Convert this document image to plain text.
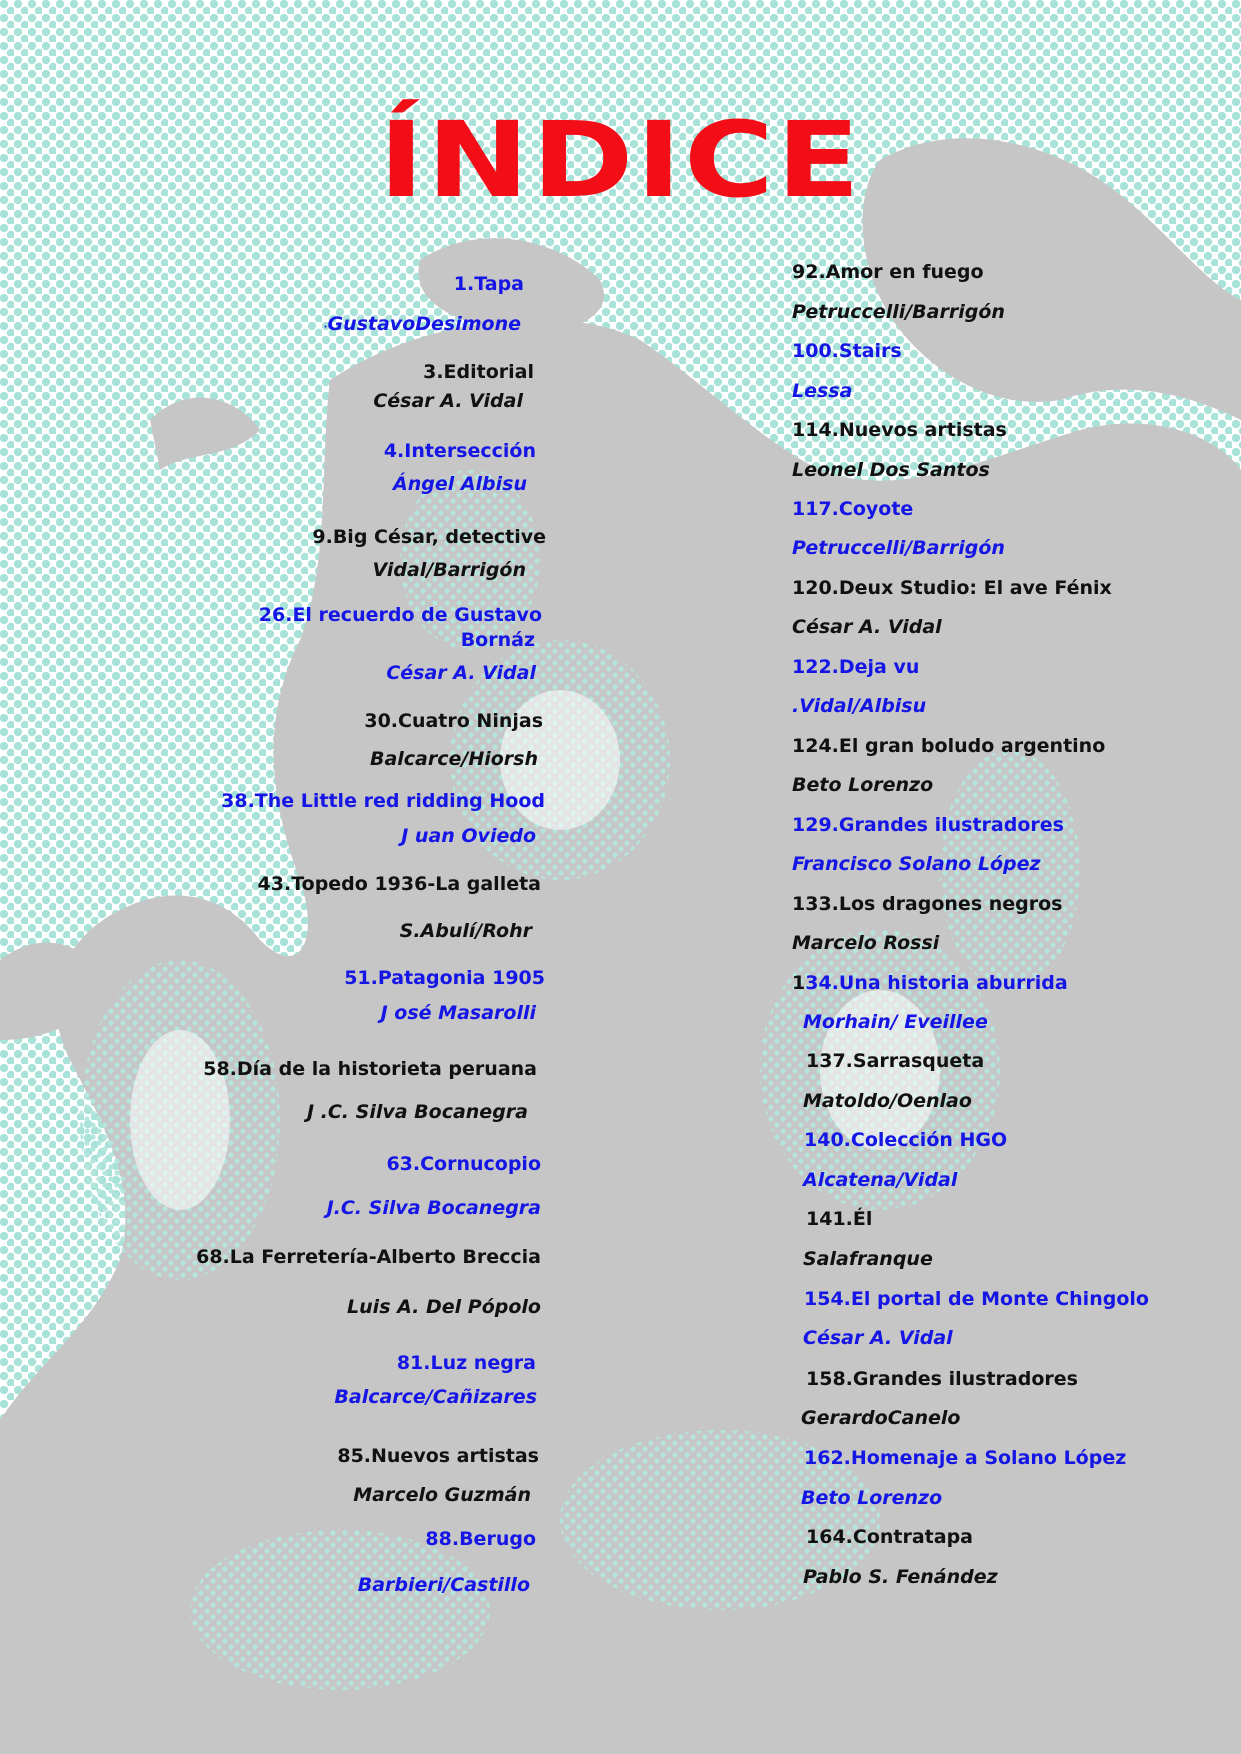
ÍNDICE
1.Tapa
·GustavoDesimone
3.Editorial
César A. Vidal
4.Intersección
Ángel Albisu
9.Big César, detective
Vidal/Barrigón
26.El recuerdo de Gustavo
Bornáz
César A. Vidal
30.Cuatro Ninjas
Balcarce/Hiorsh
38.The Little red ridding Hood
J uan Oviedo
43.Topedo 1936-La galleta
S.Abulí/Rohr
51.Patagonia 1905
J osé Masarolli
58.Día de la historieta peruana
J .C. Silva Bocanegra
63.Cornucopio
J.C. Silva Bocanegra
68.La Ferretería-Alberto Breccia
Luis A. Del Pópolo
81.Luz negra
Balcarce/Cañizares
85.Nuevos artistas
Marcelo Guzmán
88.Berugo
Barbieri/Castillo
92.Amor en fuego
Petruccelli/Barrigón
100.Stairs
Lessa
114.Nuevos artistas
Leonel Dos Santos
117.Coyote
Petruccelli/Barrigón
120.Deux Studio: El ave Fénix
César A. Vidal
122.Deja vu
.Vidal/Albisu
124.El gran boludo argentino
Beto Lorenzo
129.Grandes ilustradores
Francisco Solano López
133.Los dragones negros
Marcelo Rossi
134.Una historia aburrida
Morhain/ Eveillee
137.Sarrasqueta
Matoldo/Oenlao
140.Colección HGO
Alcatena/Vidal
141.Él
Salafranque
154.El portal de Monte Chingolo
César A. Vidal
158.Grandes ilustradores
GerardoCanelo
162.Homenaje a Solano López
Beto Lorenzo
164.Contratapa
Pablo S. Fenández
